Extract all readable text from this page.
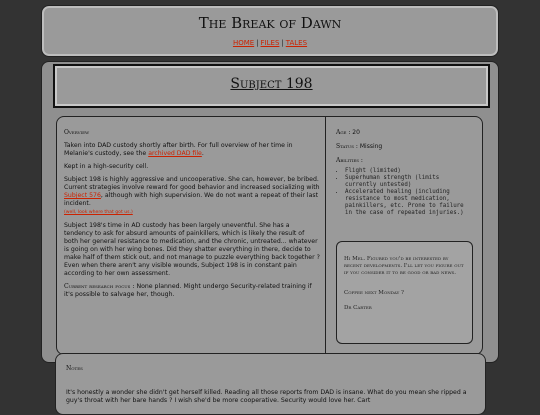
The Break of Dawn
HOME | FILES | TALES
Subject 198
Overview

Taken into DAD custody shortly after birth. For full overview of her time in Melanie's custody, see the archived DAD file.

Kept in a high-security cell.

Subject 198 is highly aggressive and uncooperative. She can, however, be bribed. Current strategies involve reward for good behavior and increased socializing with Subject 576, although with high supervision. We do not want a repeat of their last incident.

(well, look where that got us.)

Subject 198's time in AD custody has been largely uneventful. She has a tendency to ask for absurd amounts of painkillers, which is likely the result of both her general resistance to medication, and the chronic, untreated... whatever is going on with her wing bones. Did they shatter everything in there, decide to make half of them stick out, and not manage to puzzle everything back together ? Even when there aren't any visible wounds, Subject 198 is in constant pain according to her own assessment.

Current research focus : None planned. Might undergo Security-related training if it's possible to salvage her, though.

Age : 20
Status : Missing
Abilities :
• Flight (limited)
• Superhuman strength (limits currently untested)
• Accelerated healing (including resistance to most medication, painkillers, etc. Prone to failure in the case of repeated injuries.)
Hi Mel. Figured you'd be interested by recent developments. I'll let you figure out if you consider it to be good or bad news.
Coffee next Monday ?
Dr Carter
Notes
It's honestly a wonder she didn't get herself killed. Reading all those reports from DAD is insane. What do you mean she ripped a guy's throat with her bare hands ? I wish she'd be more cooperative. Security would love her. Cart
